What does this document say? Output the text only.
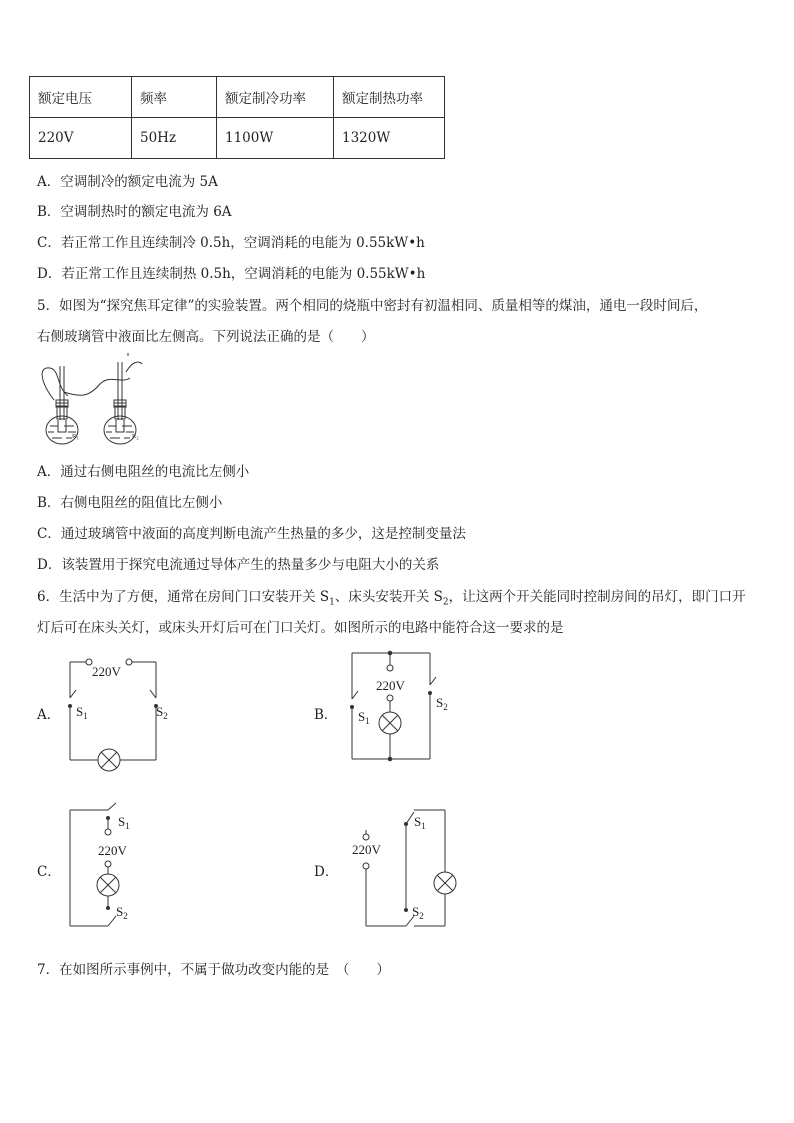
额定电压	频率	额定制冷功率	额定制热功率
220V	50Hz	1100W	1320W
A．空调制冷的额定电流为 5A
B．空调制热时的额定电流为 6A
C．若正常工作且连续制冷 0.5h，空调消耗的电能为 0.55kW•h
D．若正常工作且连续制热 0.5h，空调消耗的电能为 0.55kW•h
5．如图为“探究焦耳定律”的实验装置。两个相同的烧瓶中密封有初温相同、质量相等的煤油，通电一段时间后，
右侧玻璃管中液面比左侧高。下列说法正确的是（　　）
$R_1$	$R_2$
A．通过右侧电阻丝的电流比左侧小
B．右侧电阻丝的阻值比左侧小
C．通过玻璃管中液面的高度判断电流产生热量的多少，这是控制变量法
D．该装置用于探究电流通过导体产生的热量多少与电阻大小的关系
6．生活中为了方便，通常在房间门口安装开关 $S_1$、床头安装开关 $S_2$，让这两个开关能同时控制房间的吊灯，即门口开
灯后可在床头关灯，或床头开灯后可在门口关灯。如图所示的电路中能符合这一要求的是
A．
220V
$S_1$	$S_2$	B．
220V
$S_1$
$S_2$
C．
$S_1$
220V
$S_2$
D．
220V
$S_1$
$S_2$
7．在如图所示事例中，不属于做功改变内能的是　（　　）
